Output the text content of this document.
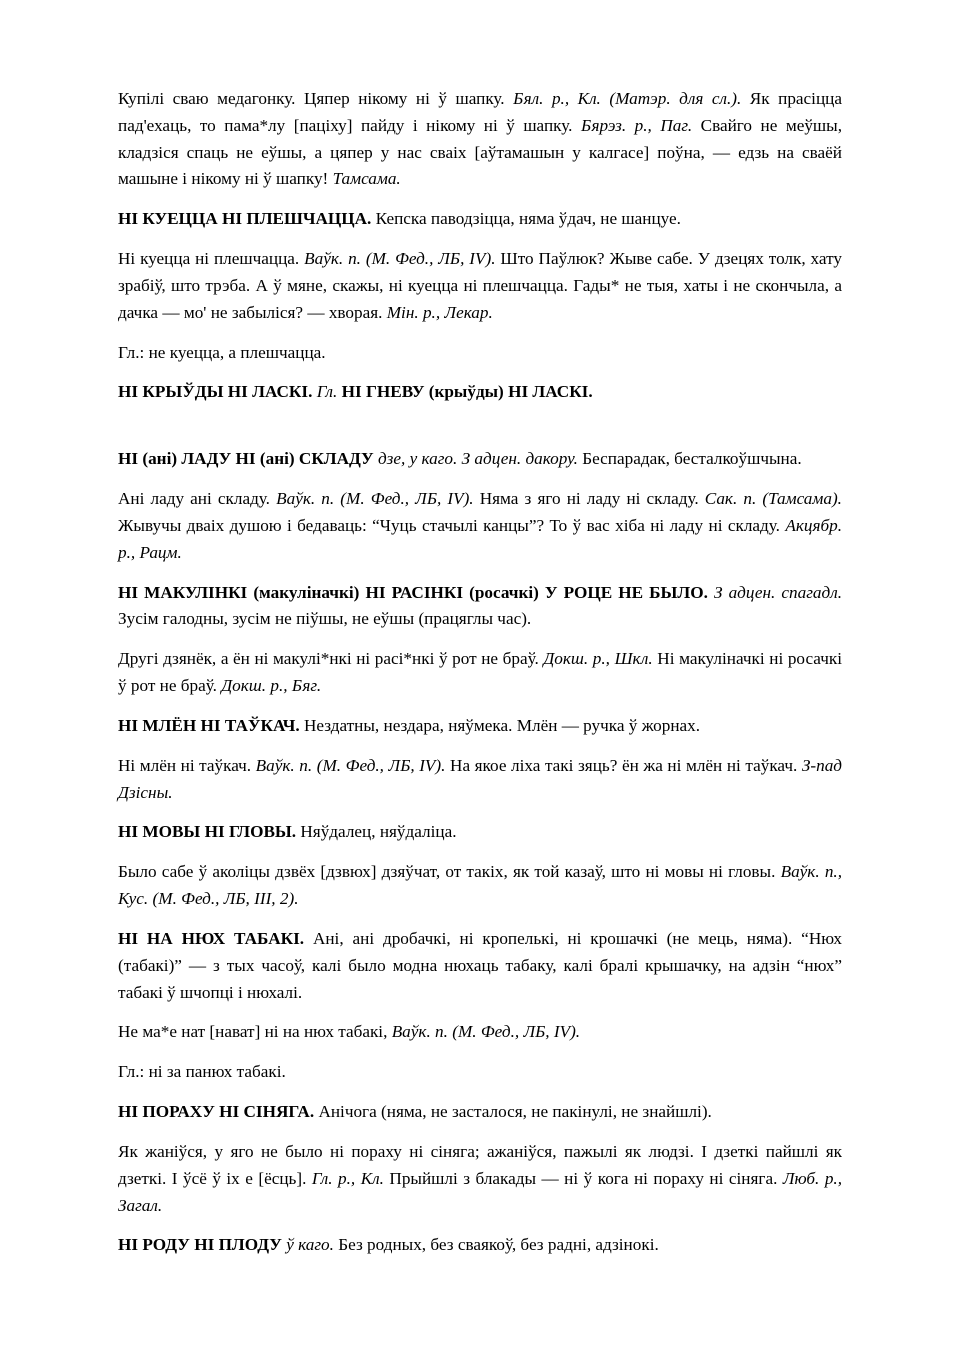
Купілі сваю медагонку. Цяпер нікому ні ў шапку. Бял. р., Кл. (Матэр. для сл.). Як прасіцца пад'ехаць, то пама*лу [паціху] пайду і нікому ні ў шапку. Бярэз. р., Паг. Свайго не меўшы, кладзіся спаць не еўшы, а цяпер у нас сваіх [аўтамашын у калгасе] поўна, — едзь на сваёй машыне і нікому ні ў шапку! Тамсама.
НІ КУЕЦЦА НІ ПЛЕШЧАЦЦА. Кепска паводзіцца, няма ўдач, не шанцуе.
Ні куецца ні плешчацца. Ваўк. п. (М. Фед., ЛБ, IV). Што Паўлюк? Жыве сабе. У дзецях толк, хату зрабіў, што трэба. А ў мяне, скажы, ні куецца ні плешчацца. Гады* не тыя, хаты і не скончыла, а дачка — мо' не забыліся? — хворая. Мін. р., Лекар.
Гл.: не куецца, а плешчацца.
НІ КРЫЎДЫ НІ ЛАСКІ. Гл. НІ ГНЕВУ (крыўды) НІ ЛАСКІ.
НІ (ані) ЛАДУ НІ (ані) СКЛАДУ дзе, у каго. З адцен. дакору. Беспарадак, бесталкоўшчына.
Ані ладу ані складу. Ваўк. п. (М. Фед., ЛБ, IV). Няма з яго ні ладу ні складу. Сак. п. (Тамсама). Жывучы дваіх душою і бедаваць: “Чуць стачылі канцы”? То ў вас хіба ні ладу ні складу. Акцябр. р., Рацм.
НІ МАКУЛІНКІ (макуліначкі) НІ РАСІНКІ (росачкі) У РОЦЕ НЕ БЫЛО. З адцен. спагадл. Зусім галодны, зусім не піўшы, не еўшы (працяглы час).
Другі дзянёк, а ён ні макулі*нкі ні расі*нкі ў рот не браў. Докш. р., Шкл. Ні макуліначкі ні росачкі ў рот не браў. Докш. р., Бяг.
НІ МЛЁН НІ ТАЎКАЧ. Нездатны, нездара, няўмека. Млён — ручка ў жорнах.
Ні млён ні таўкач. Ваўк. п. (М. Фед., ЛБ, IV). На якое ліха такі зяць? ён жа ні млён ні таўкач. З-пад Дзісны.
НІ МОВЫ НІ ГЛОВЫ. Няўдалец, няўдаліца.
Было сабе ў аколіцы дзвёх [дзвюх] дзяўчат, от такіх, як той казаў, што ні мовы ні гловы. Ваўк. п., Кус. (М. Фед., ЛБ, III, 2).
НІ НА НЮХ ТАБАКІ. Ані, ані дробачкі, ні кропелькі, ні крошачкі (не мець, няма). “Нюх (табакі)” — з тых часоў, калі было модна нюхаць табаку, калі бралі крышачку, на адзін “нюх” табакі ў шчопці і нюхалі.
Не ма*е нат [нават] ні на нюх табакі, Ваўк. п. (М. Фед., ЛБ, IV).
Гл.: ні за панюх табакі.
НІ ПОРАХУ НІ СІНЯГА. Анічога (няма, не засталося, не пакінулі, не знайшлі).
Як жаніўся, у яго не было ні пораху ні сіняга; ажаніўся, пажылі як людзі. І дзеткі пайшлі як дзеткі. І ўсё ў іх е [ёсць]. Гл. р., Кл. Прыйшлі з блакады — ні ў кога ні пораху ні сіняга. Люб. р., Загал.
НІ РОДУ НІ ПЛОДУ ў каго. Без родных, без сваякоў, без радні, адзінокі.
